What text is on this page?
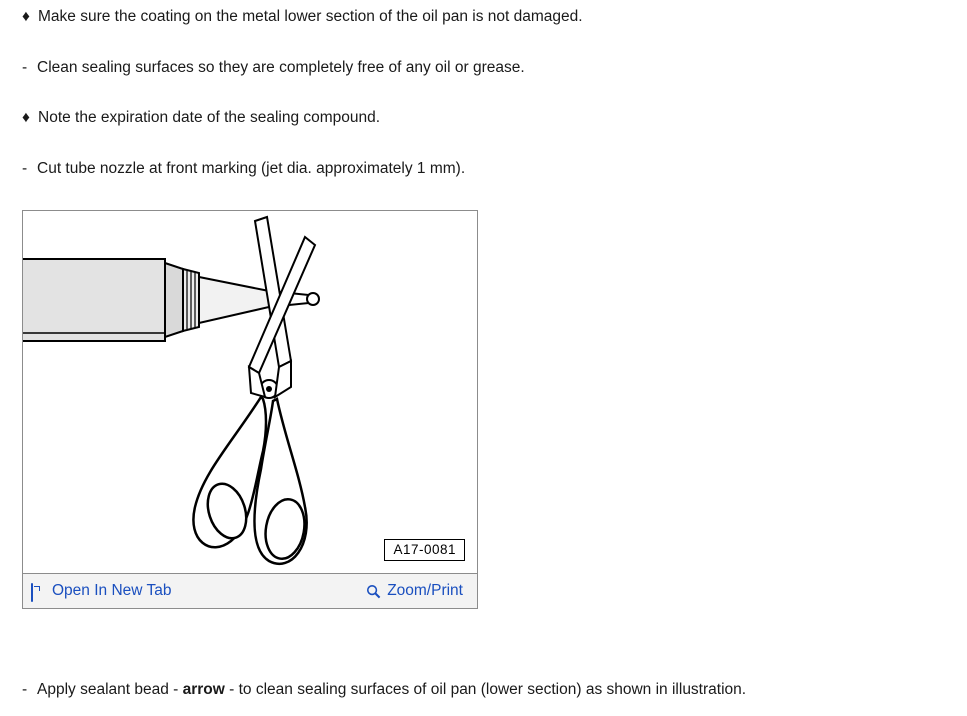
♦ Make sure the coating on the metal lower section of the oil pan is not damaged.

- Clean sealing surfaces so they are completely free of any oil or grease.

♦ Note the expiration date of the sealing compound.

- Cut tube nozzle at front marking (jet dia. approximately 1 mm).

A17-0081
Open In New Tab	Zoom/Print
- Apply sealant bead - arrow - to clean sealing surfaces of oil pan (lower section) as shown in illustration.
